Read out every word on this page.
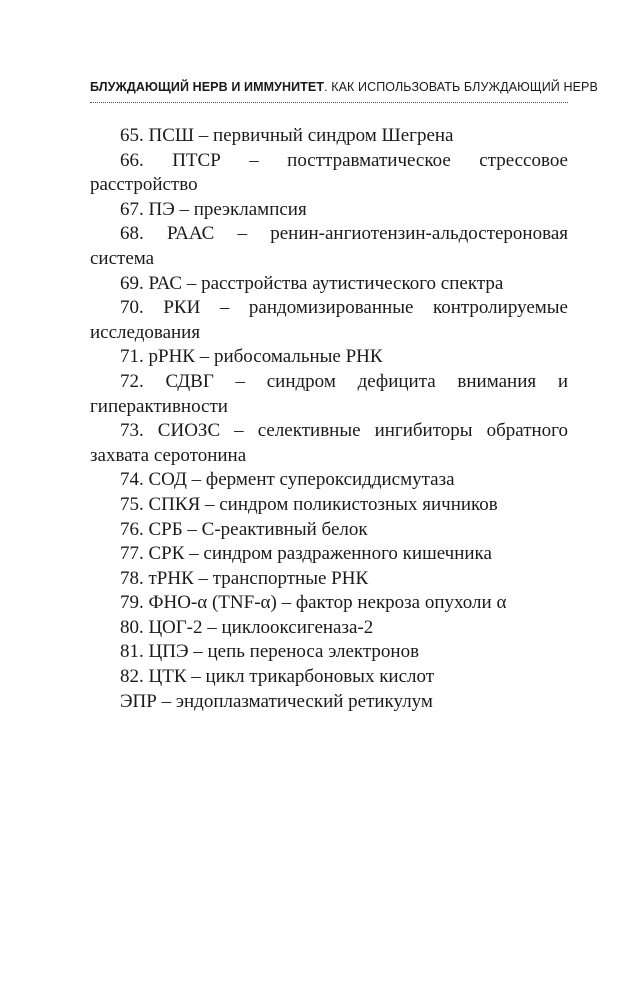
БЛУЖДАЮЩИЙ НЕРВ И ИММУНИТЕТ. КАК ИСПОЛЬЗОВАТЬ БЛУЖДАЮЩИЙ НЕРВ
65. ПСШ – первичный синдром Шегрена
66. ПТСР – посттравматическое стрессовое расстройство
67. ПЭ – преэклампсия
68. РААС – ренин-ангиотензин-альдостероновая система
69. РАС – расстройства аутистического спектра
70. РКИ – рандомизированные контролируемые исследования
71. рРНК – рибосомальные РНК
72. СДВГ – синдром дефицита внимания и гиперактивности
73. СИОЗС – селективные ингибиторы обратного захвата серотонина
74. СОД – фермент супероксиддисмутаза
75. СПКЯ – синдром поликистозных яичников
76. СРБ – С-реактивный белок
77. СРК – синдром раздраженного кишечника
78. тРНК – транспортные РНК
79. ФНО-α (TNF-α) – фактор некроза опухоли α
80. ЦОГ-2 – циклооксигеназа-2
81. ЦПЭ – цепь переноса электронов
82. ЦТК – цикл трикарбоновых кислот
ЭПР – эндоплазматический ретикулум
